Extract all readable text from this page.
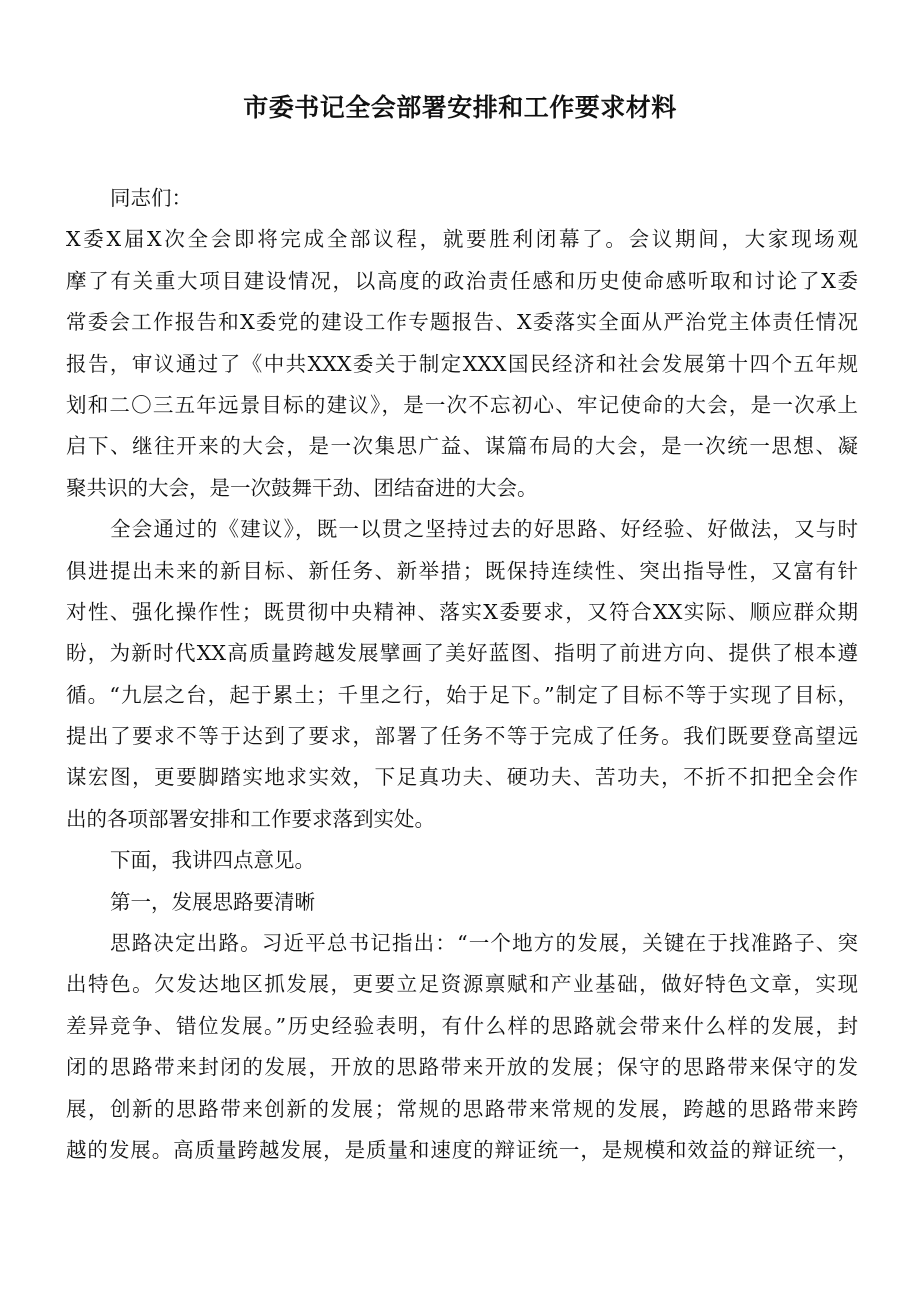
市委书记全会部署安排和工作要求材料
同志们：
X委X届X次全会即将完成全部议程，就要胜利闭幕了。会议期间，大家现场观
摩了有关重大项目建设情况，以高度的政治责任感和历史使命感听取和讨论了X委
常委会工作报告和X委党的建设工作专题报告、X委落实全面从严治党主体责任情况
报告，审议通过了《中共XXX委关于制定XXX国民经济和社会发展第十四个五年规
划和二〇三五年远景目标的建议》，是一次不忘初心、牢记使命的大会，是一次承上
启下、继往开来的大会，是一次集思广益、谋篇布局的大会，是一次统一思想、凝
聚共识的大会，是一次鼓舞干劲、团结奋进的大会。
全会通过的《建议》，既一以贯之坚持过去的好思路、好经验、好做法，又与时
俱进提出未来的新目标、新任务、新举措；既保持连续性、突出指导性，又富有针
对性、强化操作性；既贯彻中央精神、落实X委要求，又符合XX实际、顺应群众期
盼，为新时代XX高质量跨越发展擘画了美好蓝图、指明了前进方向、提供了根本遵
循。“九层之台，起于累土；千里之行，始于足下。”制定了目标不等于实现了目标，
提出了要求不等于达到了要求，部署了任务不等于完成了任务。我们既要登高望远
谋宏图，更要脚踏实地求实效，下足真功夫、硬功夫、苦功夫，不折不扣把全会作
出的各项部署安排和工作要求落到实处。
下面，我讲四点意见。
第一，发展思路要清晰
思路决定出路。习近平总书记指出：“一个地方的发展，关键在于找准路子、突
出特色。欠发达地区抓发展，更要立足资源禀赋和产业基础，做好特色文章，实现
差异竞争、错位发展。”历史经验表明，有什么样的思路就会带来什么样的发展，封
闭的思路带来封闭的发展，开放的思路带来开放的发展；保守的思路带来保守的发
展，创新的思路带来创新的发展；常规的思路带来常规的发展，跨越的思路带来跨
越的发展。高质量跨越发展，是质量和速度的辩证统一，是规模和效益的辩证统一，
